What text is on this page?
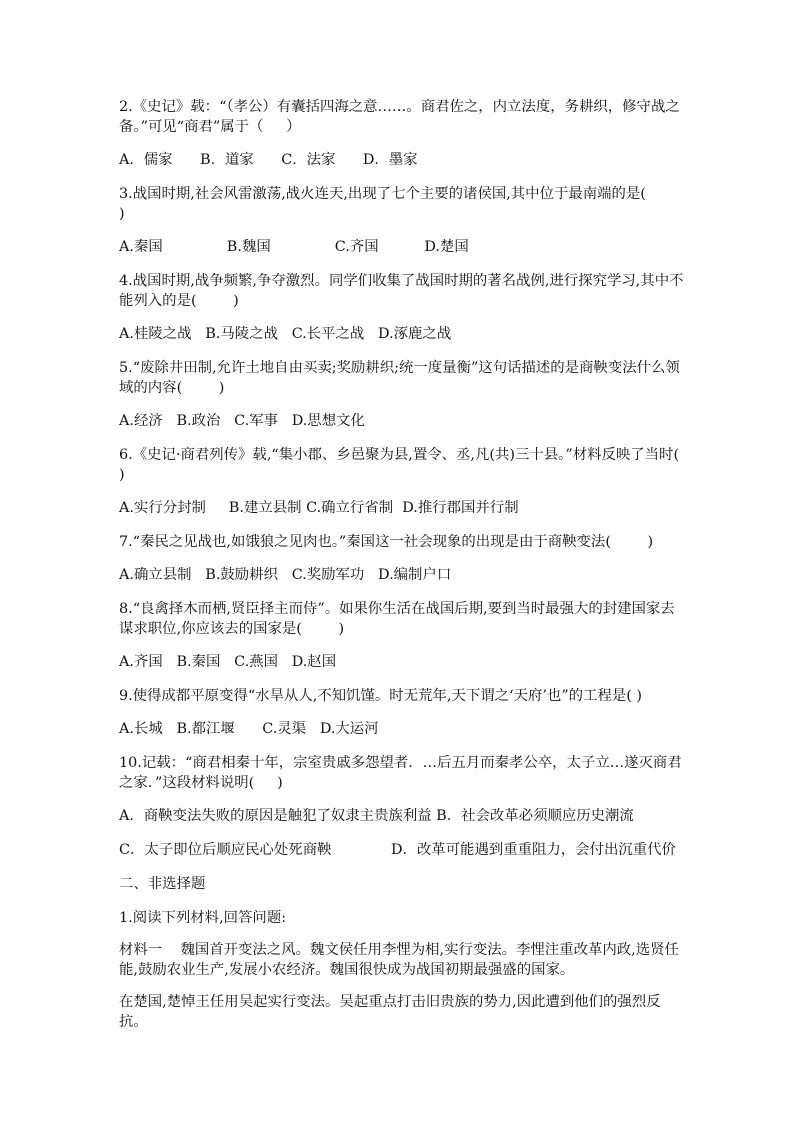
2.《史记》载：“（孝公）有囊括四海之意……。商君佐之，内立法度，务耕织，修守战之备。”可见“商君”属于（     ）

A．儒家      B．道家      C．法家      D．墨家

3.战国时期,社会风雷激荡,战火连天,出现了七个主要的诸侯国,其中位于最南端的是(        )

A.秦国              B.魏国              C.齐国          D.楚国

4.战国时期,战争频繁,争夺激烈。同学们收集了战国时期的著名战例,进行探究学习,其中不能列入的是(        )

A.桂陵之战   B.马陵之战   C.长平之战   D.涿鹿之战

5.“废除井田制,允许土地自由买卖;奖励耕织;统一度量衡”这句话描述的是商鞅变法什么领域的内容(        )

A.经济   B.政治   C.军事   D.思想文化

6.《史记·商君列传》载,“集小郡、乡邑聚为县,置令、丞,凡(共)三十县。”材料反映了当时(        )

A.实行分封制     B.建立县制 C.确立行省制  D.推行郡国并行制

7.“秦民之见战也,如饿狼之见肉也。”秦国这一社会现象的出现是由于商鞅变法(        )

A.确立县制   B.鼓励耕织   C.奖励军功   D.编制户口

8.“良禽择木而栖,贤臣择主而侍”。如果你生活在战国后期,要到当时最强大的封建国家去谋求职位,你应该去的国家是(        )

A.齐国   B.秦国   C.燕国   D.赵国

9.使得成都平原变得“水旱从人,不知饥馑。时无荒年,天下谓之‘天府’也”的工程是( )

A.长城   B.都江堰      C.灵渠   D.大运河

10.记载：“商君相秦十年，宗室贵戚多怨望者．…后五月而秦孝公卒，太子立…遂灭商君之家．”这段材料说明(     )

A．商鞅变法失败的原因是触犯了奴隶主贵族利益 B．社会改革必须顺应历史潮流

C．太子即位后顺应民心处死商鞅             D．改革可能遇到重重阻力，会付出沉重代价

二、非选择题

1.阅读下列材料,回答问题:

材料一    魏国首开变法之风。魏文侯任用李悝为相,实行变法。李悝注重改革内政,选贤任能,鼓励农业生产,发展小农经济。魏国很快成为战国初期最强盛的国家。

在楚国,楚悼王任用吴起实行变法。吴起重点打击旧贵族的势力,因此遭到他们的强烈反抗。
